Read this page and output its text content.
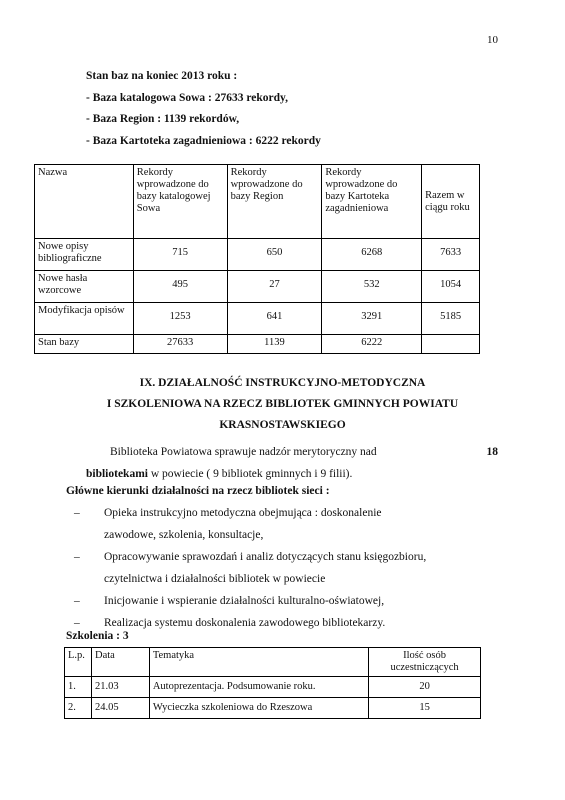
10
Stan baz na koniec 2013 roku :
- Baza katalogowa Sowa : 27633 rekordy,
- Baza Region : 1139 rekordów,
- Baza Kartoteka zagadnieniowa : 6222 rekordy
Nazwa	Rekordy wprowadzone do bazy katalogowej Sowa	Rekordy wprowadzone do bazy Region	Rekordy wprowadzone do bazy Kartoteka zagadnieniowa	Razem w ciągu roku
Nowe opisy bibliograficzne	715	650	6268	7633
Nowe hasła wzorcowe	495	27	532	1054
Modyfikacja opisów	1253	641	3291	5185
Stan bazy	27633	1139	6222	
IX. DZIAŁALNOŚĆ INSTRUKCYJNO-METODYCZNA
I SZKOLENIOWA NA RZECZ BIBLIOTEK GMINNYCH POWIATU
KRASNOSTAWSKIEGO
Biblioteka Powiatowa sprawuje nadzór merytoryczny nad	18
bibliotekami w powiecie ( 9 bibliotek gminnych i 9 filii).
Główne kierunki działalności na rzecz bibliotek sieci :
–	Opieka instrukcyjno metodyczna obejmująca : doskonalenie
zawodowe, szkolenia, konsultacje,
–	Opracowywanie sprawozdań i analiz dotyczących stanu księgozbioru,
czytelnictwa i działalności bibliotek w powiecie
–	Inicjowanie i wspieranie działalności kulturalno-oświatowej,
–	Realizacja systemu doskonalenia zawodowego bibliotekarzy.
Szkolenia : 3
L.p.	Data	Tematyka	Ilość osób uczestniczących
1.	21.03	Autoprezentacja. Podsumowanie roku.	20
2.	24.05	Wycieczka szkoleniowa do Rzeszowa	15
